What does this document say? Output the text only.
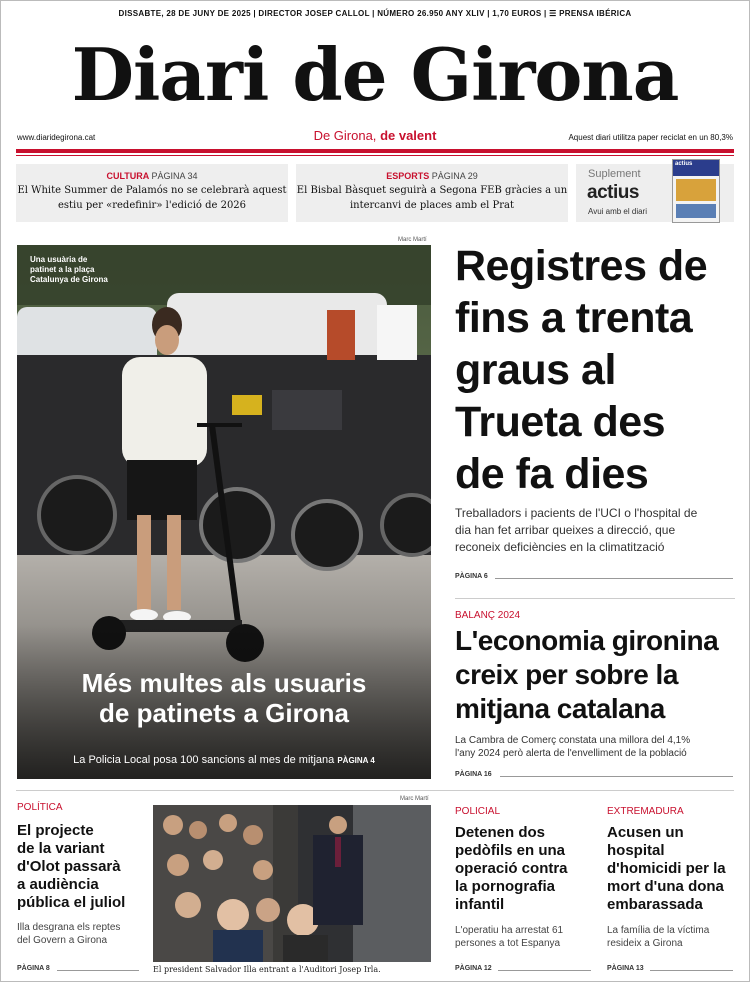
DISSABTE, 28 DE JUNY DE 2025 | DIRECTOR JOSEP CALLOL | NÚMERO 26.950 ANY XLIV | 1,70 EUROS | ☰ PRENSA IBÉRICA
Diari de Girona
www.diaridegirona.cat	De Girona, de valent	Aquest diari utilitza paper reciclat en un 80,3%
CULTURA PÀGINA 34
El White Summer de Palamós no se celebrarà aquest estiu per «redefinir» l'edició de 2026
ESPORTS PÀGINA 29
El Bisbal Bàsquet seguirà a Segona FEB gràcies a un intercanvi de places amb el Prat
Suplement
actius
Avui amb el diari
actius
Marc Martí
Una usuària de
patinet a la plaça
Catalunya de Girona
Més multes als usuaris
de patinets a Girona
La Policia Local posa 100 sancions al mes de mitjana PÀGINA 4
Registres de
fins a trenta
graus al
Trueta des
de fa dies
Treballadors i pacients de l'UCI o l'hospital de
dia han fet arribar queixes a direcció, que
reconeix deficiències en la climatització
PÀGINA 6
BALANÇ 2024
L'economia gironina
creix per sobre la
mitjana catalana
La Cambra de Comerç constata una millora del 4,1%
l'any 2024 però alerta de l'envelliment de la població
PÀGINA 16
POLÍTICA
El projecte
de la variant
d'Olot passarà
a audiència
pública el juliol
Illa desgrana els reptes
del Govern a Girona
PÀGINA 8
Marc Martí
El president Salvador Illa entrant a l'Auditori Josep Irla.
POLICIAL
Detenen dos
pedòfils en una
operació contra
la pornografia
infantil
L'operatiu ha arrestat 61
persones a tot Espanya
PÀGINA 12
EXTREMADURA
Acusen un
hospital
d'homicidi per la
mort d'una dona
embarassada
La família de la víctima
resideix a Girona
PÀGINA 13
